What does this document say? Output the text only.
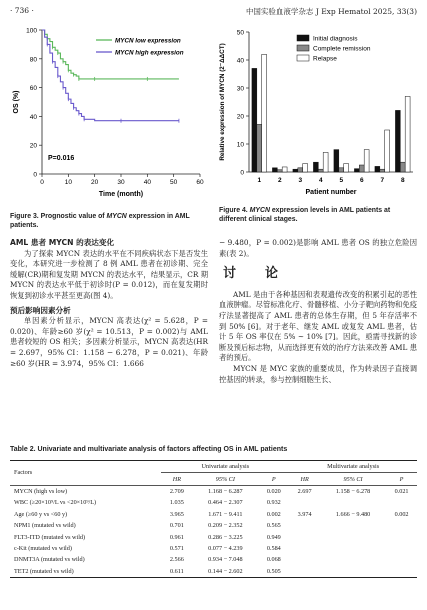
· 736 ·	中国实验血液学杂志 J Exp Hematol 2025, 33(3)
0
20
40
60
80
100
0	10	20	30	40	50	60
Time (month)
OS (%)
MYCN low expression
MYCN high expression
P=0.016
Figure 3. Prognostic value of MYCN expression in AML patients.
0
10
20
30
40
50
1	2	3	4	5	6	7	8
Patient number
Relative expression of MYCN (2⁻ΔΔCT)
Initial diagnosis
Complete remission
Relapse
Figure 4. MYCN expression levels in AML patients at different clinical stages.

AML 患者 MYCN 的表达变化

为了探索 MYCN 表达的水平在不同疾病状态下是否发生变化，本研究进一步检测了 8 例 AML 患者在初诊期、完全缓解(CR)期和复发期 MYCN 的表达水平，结果显示，CR 期 MYCN 的表达水平低于初诊时(P = 0.012)，而在复发期时恢复到初诊水平甚至更高(图 4)。

预后影响因素分析

单因素分析显示，MYCN 高表达(χ² = 5.628，P = 0.020)、年龄≥60 岁(χ² = 10.513，P = 0.002)与 AML 患者较短的 OS 相关；多因素分析显示，MYCN 高表达(HR = 2.697，95% CI：1.158 − 6.278，P = 0.021)、年龄≥60 岁(HR = 3.974，95% CI：1.666

− 9.480，P = 0.002)是影响 AML 患者 OS 的独立危险因素(表 2)。

讨　论

AML 是由于各种基因和表观遗传改变的积累引起的恶性血液肿瘤。尽管标准化疗、骨髓移植、小分子靶向药物和免疫疗法显著提高了 AML 患者的总体生存期，但 5 年存活率不到 50% [6]。对于老年、继发 AML 或复发 AML 患者，估计 5 年 OS 率仅在 5% ~ 10% [7]。因此，亟需寻找新的诊断及预后标志物，从而选择更有效的治疗方法来改善 AML 患者的预后。

MYCN 是 MYC 家族的重要成员，作为转录因子直接调控基因的转录，参与控制细胞生长、

Table 2. Univariate and multivariate analysis of factors affecting OS in AML patients
Factors	Univariate analysis			Multivariate analysis		
	HR	95% CI	P	HR	95% CI	P
MYCN (high vs low)	2.709	1.168 − 6.287	0.020	2.697	1.158 − 6.278	0.021
WBC (≥20×10⁹/L vs <20×10⁹/L)	1.035	0.464 − 2.307	0.932			
Age (≥60 y vs <60 y)	3.965	1.671 − 9.411	0.002	3.974	1.666 − 9.480	0.002
NPM1 (mutated vs wild)	0.701	0.209 − 2.352	0.565			
FLT3-ITD (mutated vs wild)	0.961	0.286 − 3.225	0.949			
c-Kit (mutated vs wild)	0.571	0.077 − 4.239	0.584			
DNMT3A (mutated vs wild)	2.566	0.934 − 7.048	0.068			
TET2 (mutated vs wild)	0.611	0.144 − 2.602	0.505			
